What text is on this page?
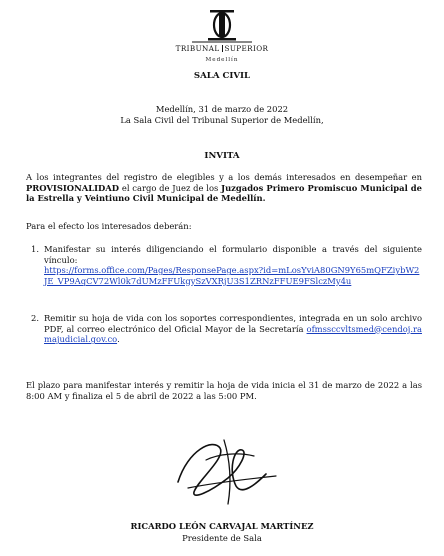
TRIBUNAL SUPERIOR
Medellín
SALA CIVIL
Medellín, 31 de marzo de 2022
La Sala Civil del Tribunal Superior de Medellín,
INVITA
A los integrantes del registro de elegibles y a los demás interesados en desempeñar en PROVISIONALIDAD el cargo de Juez de los Juzgados Primero Promiscuo Municipal de la Estrella y Veintiuno Civil Municipal de Medellín.
Para el efecto los interesados deberán:
1. Manifestar su interés diligenciando el formulario disponible a través del siguiente vínculo:
https://forms.office.com/Pages/ResponsePage.aspx?id=mLosYviA80GN9Y65mQFZiybW2JE_VP9AqCV72Wl0k7dUMzFFUkgySzVXRjU3S1ZRNzFFUE9FSlczMy4u
2. Remitir su hoja de vida con los soportes correspondientes, integrada en un solo archivo PDF, al correo electrónico del Oficial Mayor de la Secretaría ofmssccvltsmed@cendoj.ramajudicial.gov.co.
El plazo para manifestar interés y remitir la hoja de vida inicia el 31 de marzo de 2022 a las 8:00 AM y finaliza el 5 de abril de 2022 a las 5:00 PM.
RICARDO LEÓN CARVAJAL MARTÍNEZ
Presidente de Sala
